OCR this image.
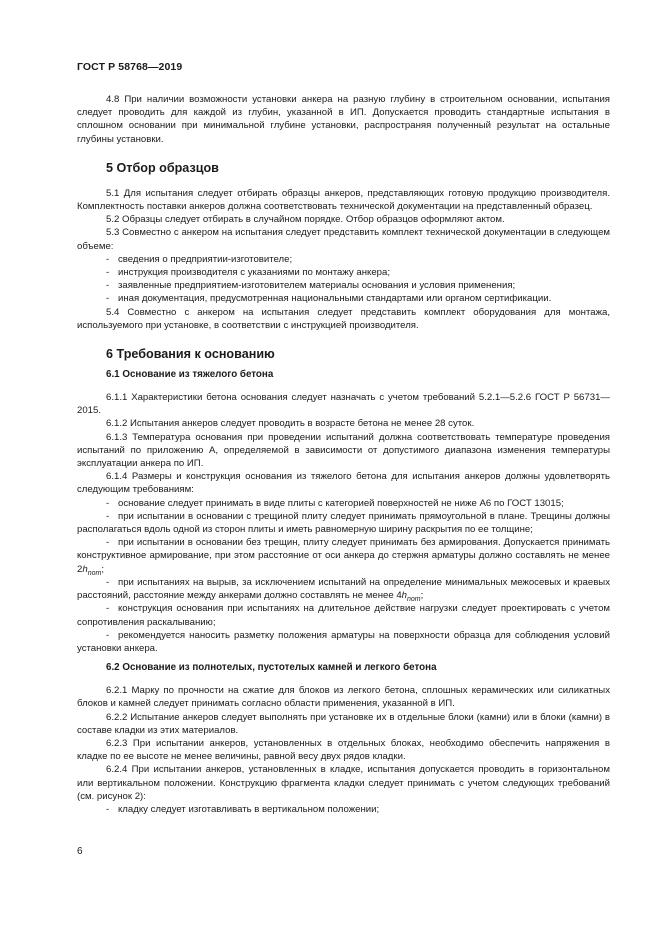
ГОСТ Р 58768—2019

4.8 При наличии возможности установки анкера на разную глубину в строительном основании, испытания следует проводить для каждой из глубин, указанной в ИП. Допускается проводить стандартные испытания в сплошном основании при минимальной глубине установки, распространяя полученный результат на остальные глубины установки.

5 Отбор образцов

5.1 Для испытания следует отбирать образцы анкеров, представляющих готовую продукцию производителя. Комплектность поставки анкеров должна соответствовать технической документации на представленный образец.

5.2 Образцы следует отбирать в случайном порядке. Отбор образцов оформляют актом.

5.3 Совместно с анкером на испытания следует представить комплект технической документации в следующем объеме:

- сведения о предприятии-изготовителе;

- инструкция производителя с указаниями по монтажу анкера;

- заявленные предприятием-изготовителем материалы основания и условия применения;

- иная документация, предусмотренная национальными стандартами или органом сертификации.

5.4 Совместно с анкером на испытания следует представить комплект оборудования для монтажа, используемого при установке, в соответствии с инструкцией производителя.

6 Требования к основанию
6.1 Основание из тяжелого бетона

6.1.1 Характеристики бетона основания следует назначать с учетом требований 5.2.1—5.2.6 ГОСТ Р 56731—2015.

6.1.2 Испытания анкеров следует проводить в возрасте бетона не менее 28 суток.

6.1.3 Температура основания при проведении испытаний должна соответствовать температуре проведения испытаний по приложению А, определяемой в зависимости от допустимого диапазона изменения температуры эксплуатации анкера по ИП.

6.1.4 Размеры и конструкция основания из тяжелого бетона для испытания анкеров должны удовлетворять следующим требованиям:

- основание следует принимать в виде плиты с категорией поверхностей не ниже А6 по ГОСТ 13015;

- при испытании в основании с трещиной плиту следует принимать прямоугольной в плане. Трещины должны располагаться вдоль одной из сторон плиты и иметь равномерную ширину раскрытия по ее толщине;

- при испытании в основании без трещин, плиту следует принимать без армирования. Допускается принимать конструктивное армирование, при этом расстояние от оси анкера до стержня арматуры должно составлять не менее $2h_{nom}$;

- при испытаниях на вырыв, за исключением испытаний на определение минимальных межосевых и краевых расстояний, расстояние между анкерами должно составлять не менее $4h_{nom}$;

- конструкция основания при испытаниях на длительное действие нагрузки следует проектировать с учетом сопротивления раскалыванию;

- рекомендуется наносить разметку положения арматуры на поверхности образца для соблюдения условий установки анкера.

6.2 Основание из полнотелых, пустотелых камней и легкого бетона

6.2.1 Марку по прочности на сжатие для блоков из легкого бетона, сплошных керамических или силикатных блоков и камней следует принимать согласно области применения, указанной в ИП.

6.2.2 Испытание анкеров следует выполнять при установке их в отдельные блоки (камни) или в блоки (камни) в составе кладки из этих материалов.

6.2.3 При испытании анкеров, установленных в отдельных блоках, необходимо обеспечить напряжения в кладке по ее высоте не менее величины, равной весу двух рядов кладки.

6.2.4 При испытании анкеров, установленных в кладке, испытания допускается проводить в горизонтальном или вертикальном положении. Конструкцию фрагмента кладки следует принимать с учетом следующих требований (см. рисунок 2):

- кладку следует изготавливать в вертикальном положении;

6
